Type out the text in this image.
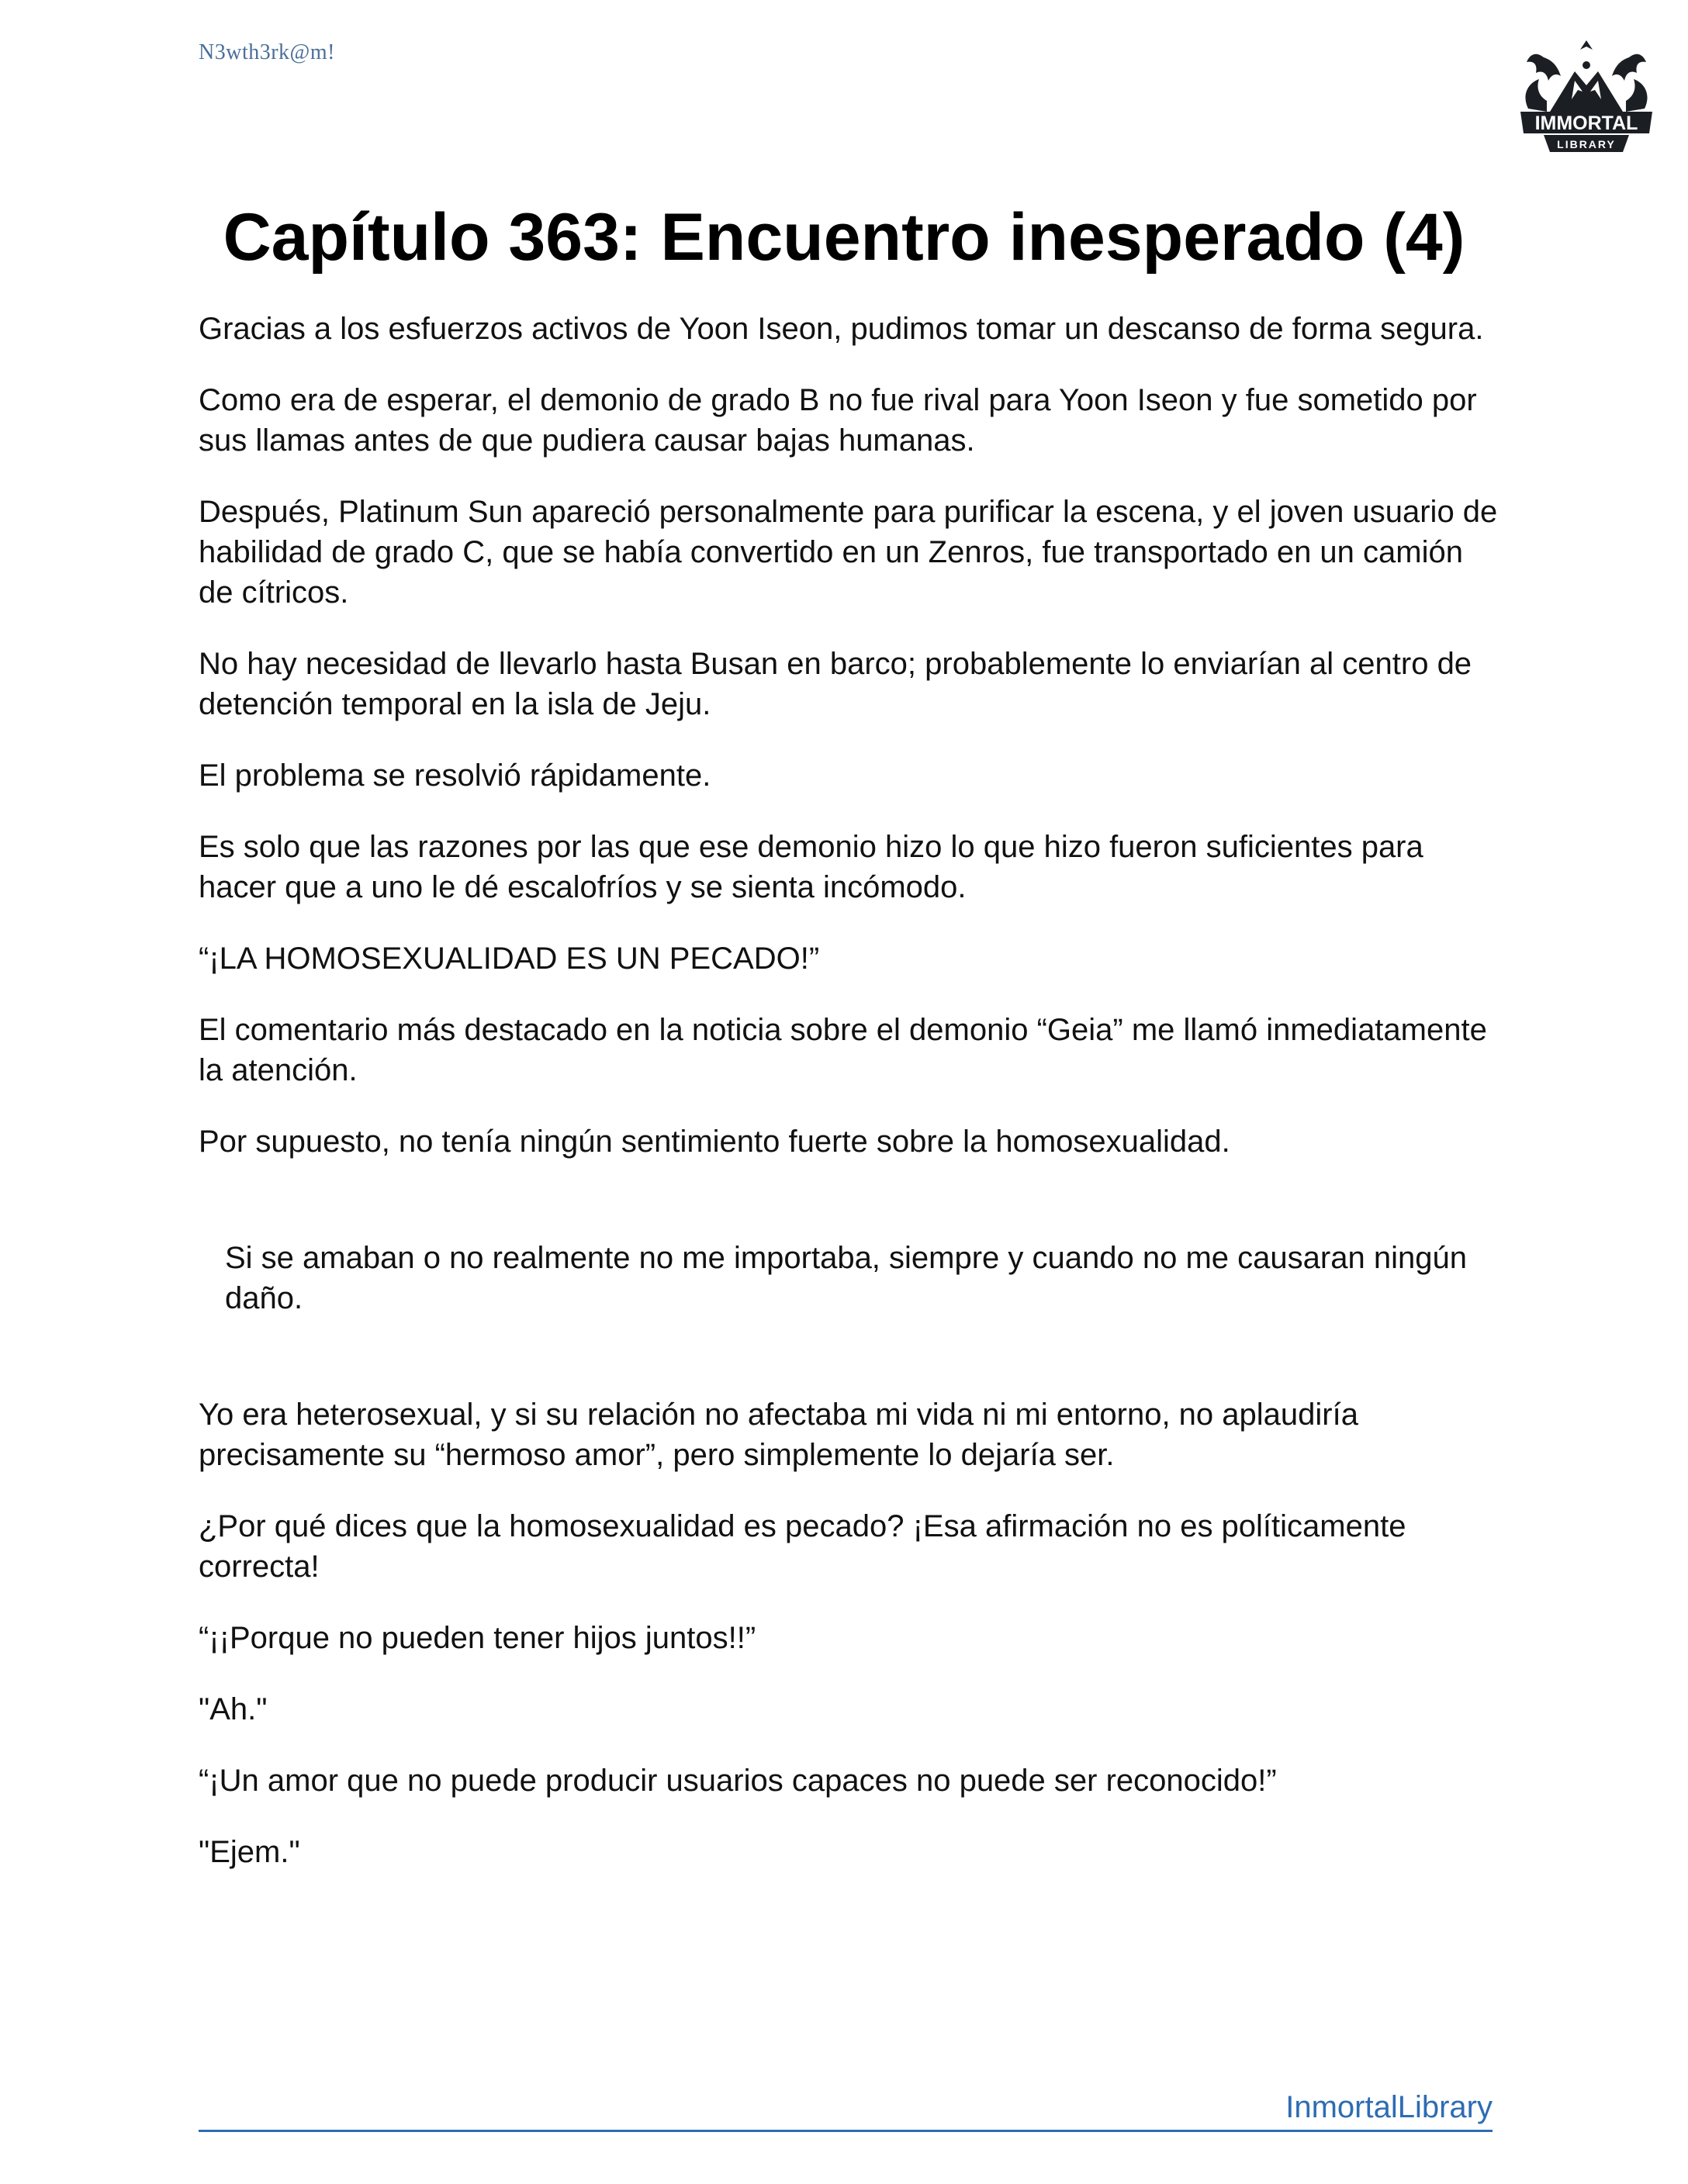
N3wth3rk@m!
IMMORTAL
LIBRARY
Capítulo 363: Encuentro inesperado (4)

Gracias a los esfuerzos activos de Yoon Iseon, pudimos tomar un descanso de forma segura.

Como era de esperar, el demonio de grado B no fue rival para Yoon Iseon y fue sometido por sus llamas antes de que pudiera causar bajas humanas.

Después, Platinum Sun apareció personalmente para purificar la escena, y el joven usuario de habilidad de grado C, que se había convertido en un Zenros, fue transportado en un camión de cítricos.

No hay necesidad de llevarlo hasta Busan en barco; probablemente lo enviarían al centro de detención temporal en la isla de Jeju.

El problema se resolvió rápidamente.

Es solo que las razones por las que ese demonio hizo lo que hizo fueron suficientes para hacer que a uno le dé escalofríos y se sienta incómodo.

“¡LA HOMOSEXUALIDAD ES UN PECADO!”

El comentario más destacado en la noticia sobre el demonio “Geia” me llamó inmediatamente la atención.

Por supuesto, no tenía ningún sentimiento fuerte sobre la homosexualidad.

Si se amaban o no realmente no me importaba, siempre y cuando no me causaran ningún daño.

Yo era heterosexual, y si su relación no afectaba mi vida ni mi entorno, no aplaudiría precisamente su “hermoso amor”, pero simplemente lo dejaría ser.

¿Por qué dices que la homosexualidad es pecado? ¡Esa afirmación no es políticamente correcta!

“¡¡Porque no pueden tener hijos juntos!!”

"Ah."

“¡Un amor que no puede producir usuarios capaces no puede ser reconocido!”

"Ejem."

InmortalLibrary
